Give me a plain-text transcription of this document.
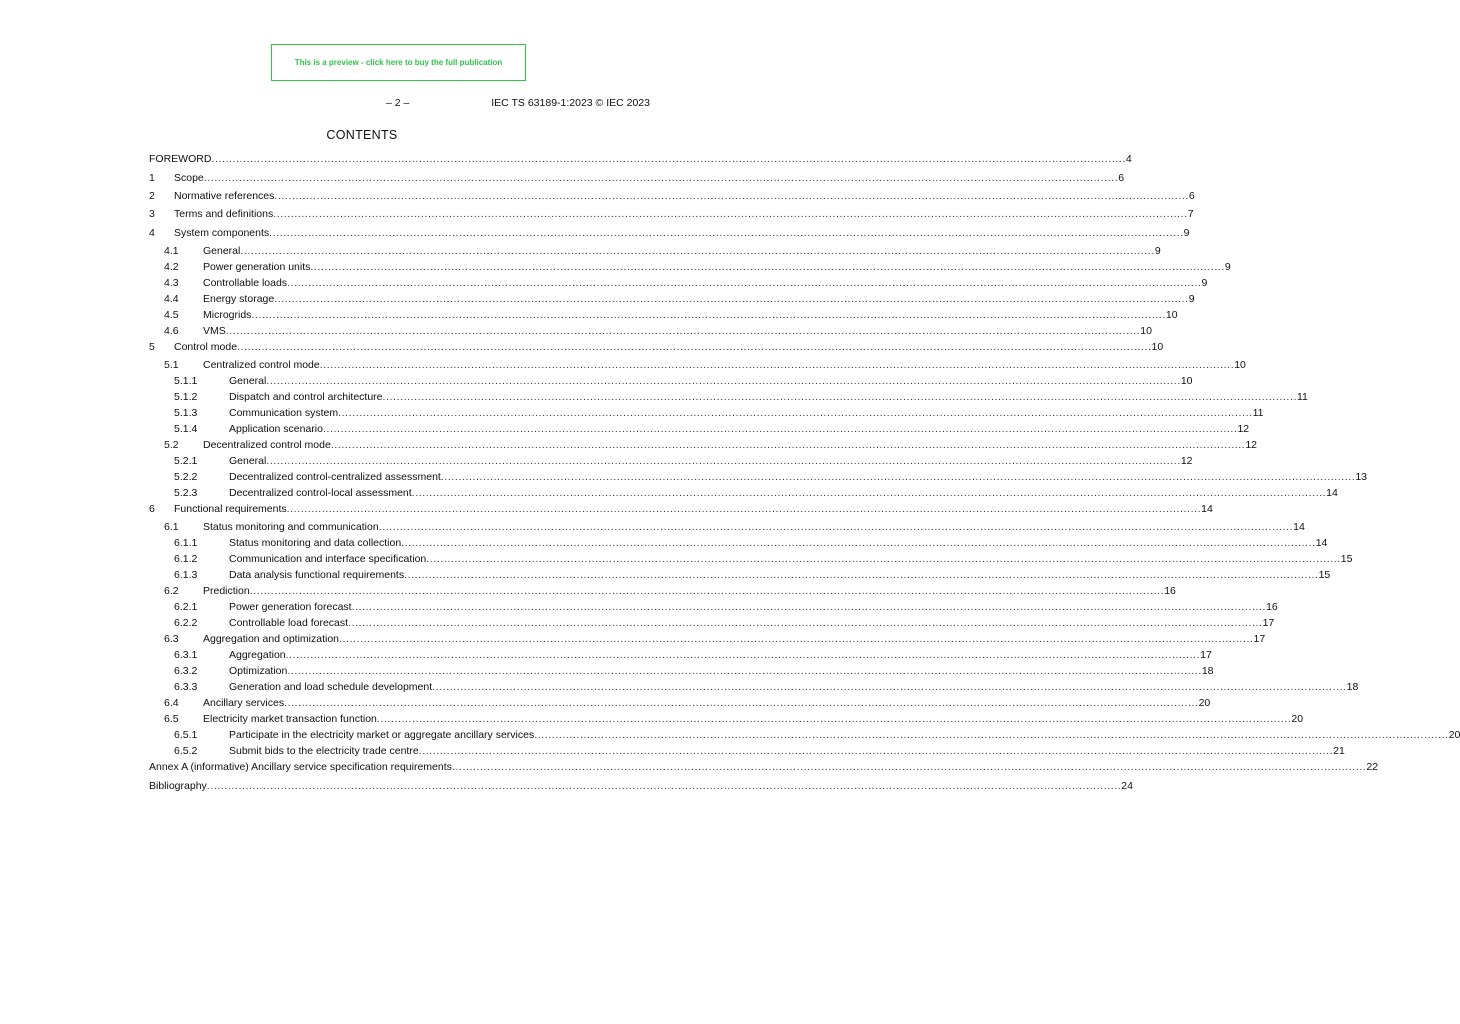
This is a preview - click here to buy the full publication
– 2 –	IEC TS 63189-1:2023 © IEC 2023
CONTENTS
FOREWORD .................................................................................................................................................................................................................................................................... 4
1	Scope .................................................................................................................................................................................................................................................................... 6
2	Normative references .................................................................................................................................................................................................................................................................... 6
3	Terms and definitions .................................................................................................................................................................................................................................................................... 7
4	System components .................................................................................................................................................................................................................................................................... 9
4.1	General .................................................................................................................................................................................................................................................................... 9
4.2	Power generation units .................................................................................................................................................................................................................................................................... 9
4.3	Controllable loads .................................................................................................................................................................................................................................................................... 9
4.4	Energy storage .................................................................................................................................................................................................................................................................... 9
4.5	Microgrids .................................................................................................................................................................................................................................................................... 10
4.6	VMS .................................................................................................................................................................................................................................................................... 10
5	Control mode .................................................................................................................................................................................................................................................................... 10
5.1	Centralized control mode .................................................................................................................................................................................................................................................................... 10
5.1.1	General .................................................................................................................................................................................................................................................................... 10
5.1.2	Dispatch and control architecture .................................................................................................................................................................................................................................................................... 11
5.1.3	Communication system .................................................................................................................................................................................................................................................................... 11
5.1.4	Application scenario .................................................................................................................................................................................................................................................................... 12
5.2	Decentralized control mode .................................................................................................................................................................................................................................................................... 12
5.2.1	General .................................................................................................................................................................................................................................................................... 12
5.2.2	Decentralized control-centralized assessment .................................................................................................................................................................................................................................................................... 13
5.2.3	Decentralized control-local assessment .................................................................................................................................................................................................................................................................... 14
6	Functional requirements .................................................................................................................................................................................................................................................................... 14
6.1	Status monitoring and communication .................................................................................................................................................................................................................................................................... 14
6.1.1	Status monitoring and data collection .................................................................................................................................................................................................................................................................... 14
6.1.2	Communication and interface specification .................................................................................................................................................................................................................................................................... 15
6.1.3	Data analysis functional requirements .................................................................................................................................................................................................................................................................... 15
6.2	Prediction .................................................................................................................................................................................................................................................................... 16
6.2.1	Power generation forecast .................................................................................................................................................................................................................................................................... 16
6.2.2	Controllable load forecast .................................................................................................................................................................................................................................................................... 17
6.3	Aggregation and optimization .................................................................................................................................................................................................................................................................... 17
6.3.1	Aggregation .................................................................................................................................................................................................................................................................... 17
6.3.2	Optimization .................................................................................................................................................................................................................................................................... 18
6.3.3	Generation and load schedule development .................................................................................................................................................................................................................................................................... 18
6.4	Ancillary services .................................................................................................................................................................................................................................................................... 20
6.5	Electricity market transaction function .................................................................................................................................................................................................................................................................... 20
6.5.1	Participate in the electricity market or aggregate ancillary services .................................................................................................................................................................................................................................................................... 20
6.5.2	Submit bids to the electricity trade centre .................................................................................................................................................................................................................................................................... 21
Annex A (informative) Ancillary service specification requirements .................................................................................................................................................................................................................................................................... 22
Bibliography .................................................................................................................................................................................................................................................................... 24
